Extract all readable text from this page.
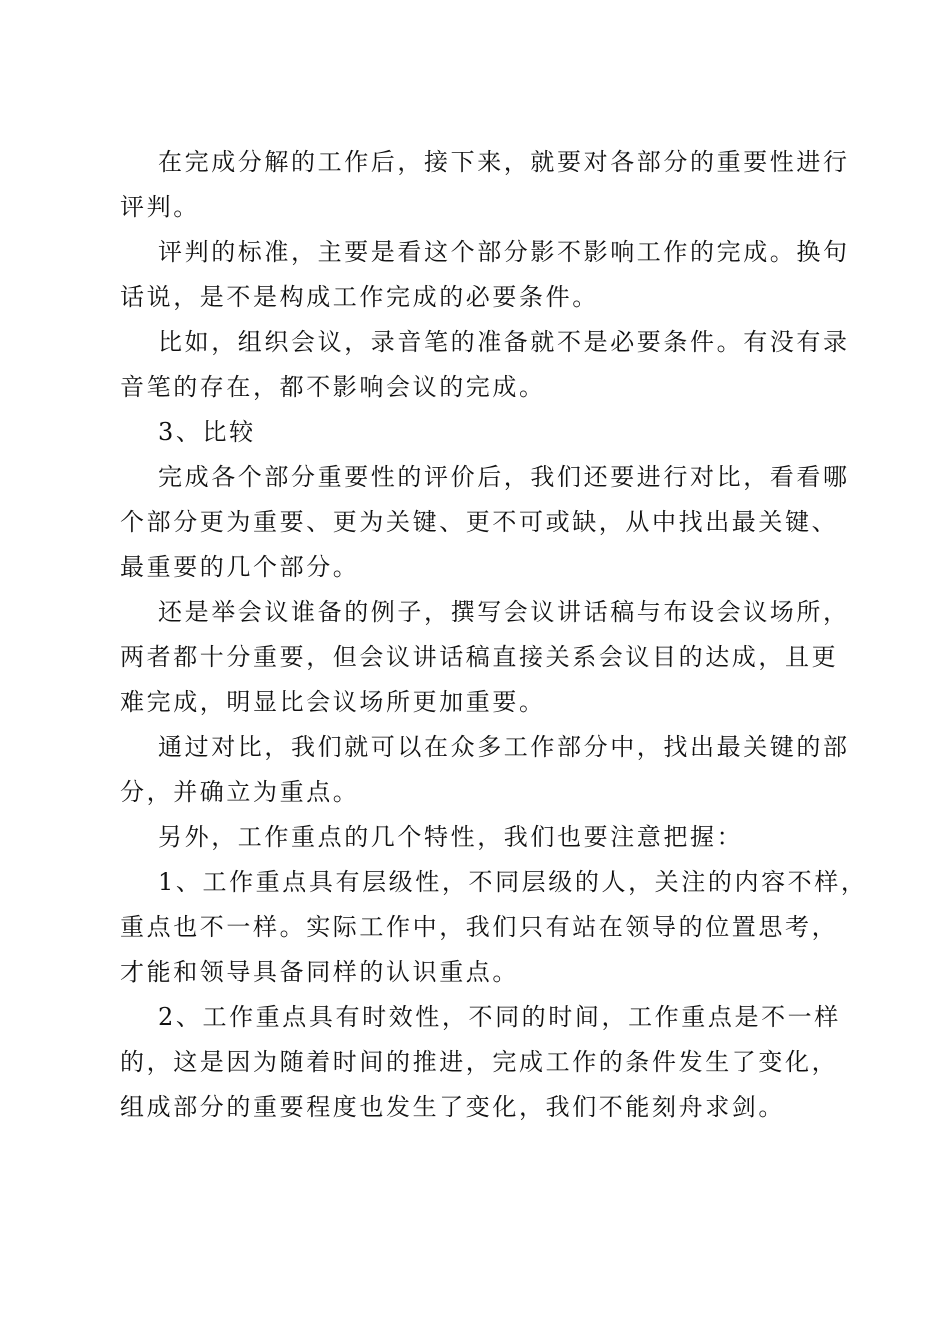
在完成分解的工作后，接下来，就要对各部分的重要性进行
评判。
评判的标准，主要是看这个部分影不影响工作的完成。换句
话说，是不是构成工作完成的必要条件。
比如，组织会议，录音笔的准备就不是必要条件。有没有录
音笔的存在，都不影响会议的完成。
3、比较
完成各个部分重要性的评价后，我们还要进行对比，看看哪
个部分更为重要、更为关键、更不可或缺，从中找出最关键、
最重要的几个部分。
还是举会议谁备的例子，撰写会议讲话稿与布设会议场所，
两者都十分重要，但会议讲话稿直接关系会议目的达成，且更
难完成，明显比会议场所更加重要。
通过对比，我们就可以在众多工作部分中，找出最关键的部
分，并确立为重点。
另外，工作重点的几个特性，我们也要注意把握：
1、工作重点具有层级性，不同层级的人，关注的内容不样，
重点也不一样。实际工作中，我们只有站在领导的位置思考，
才能和领导具备同样的认识重点。
2、工作重点具有时效性，不同的时间，工作重点是不一样
的，这是因为随着时间的推进，完成工作的条件发生了变化，
组成部分的重要程度也发生了变化，我们不能刻舟求剑。
